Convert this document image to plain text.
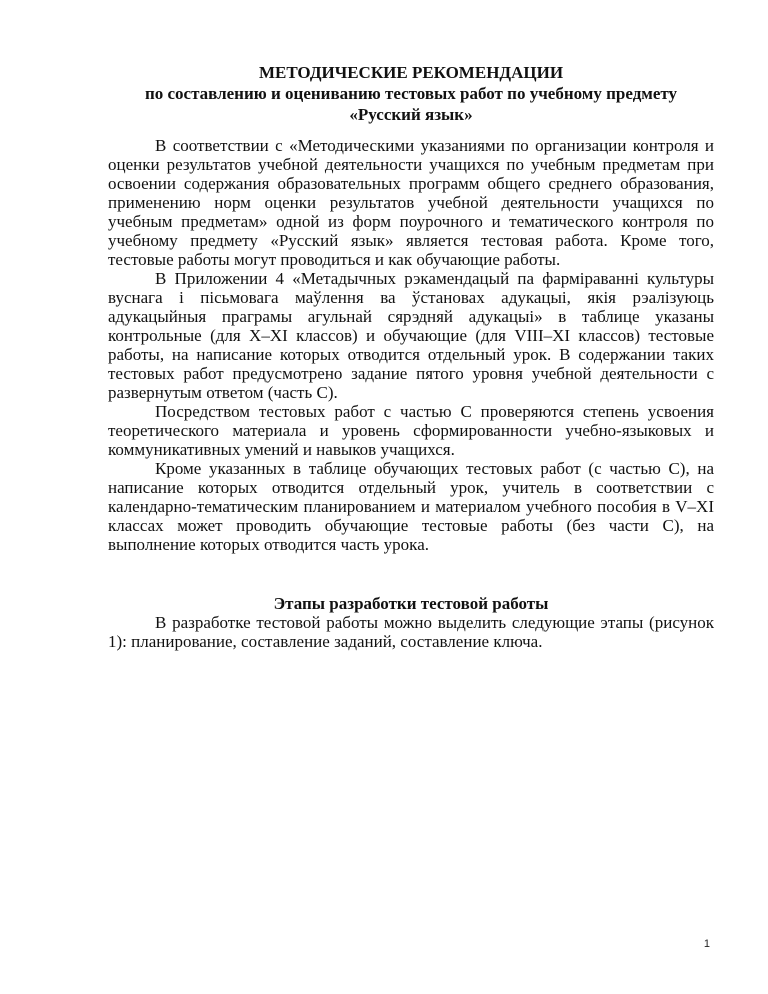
МЕТОДИЧЕСКИЕ РЕКОМЕНДАЦИИ
по составлению и оцениванию тестовых работ по учебному предмету
«Русский язык»

В соответствии с «Методическими указаниями по организации контроля и оценки результатов учебной деятельности учащихся по учебным предметам при освоении содержания образовательных программ общего среднего образования, применению норм оценки результатов учебной деятельности учащихся по учебным предметам» одной из форм поурочного и тематического контроля по учебному предмету «Русский язык» является тестовая работа. Кроме того, тестовые работы могут проводиться и как обучающие работы.

В Приложении 4 «Метадычных рэкамендацый па фарміраванні культуры вуснага і пісьмовага маўлення ва ўстановах адукацыі, якія рэалізуюць адукацыйныя праграмы агульнай сярэдняй адукацыі» в таблице указаны контрольные (для X–XI классов) и обучающие (для VIII–XI классов) тестовые работы, на написание которых отводится отдельный урок. В содержании таких тестовых работ предусмотрено задание пятого уровня учебной деятельности с развернутым ответом (часть С).

Посредством тестовых работ с частью С проверяются степень усвоения теоретического материала и уровень сформированности учебно-языковых и коммуникативных умений и навыков учащихся.

Кроме указанных в таблице обучающих тестовых работ (с частью С), на написание которых отводится отдельный урок, учитель в соответствии с календарно-тематическим планированием и материалом учебного пособия в V–XI классах может проводить обучающие тестовые работы (без части С), на выполнение которых отводится часть урока.

Этапы разработки тестовой работы

В разработке тестовой работы можно выделить следующие этапы (рисунок 1): планирование, составление заданий, составление ключа.

1
